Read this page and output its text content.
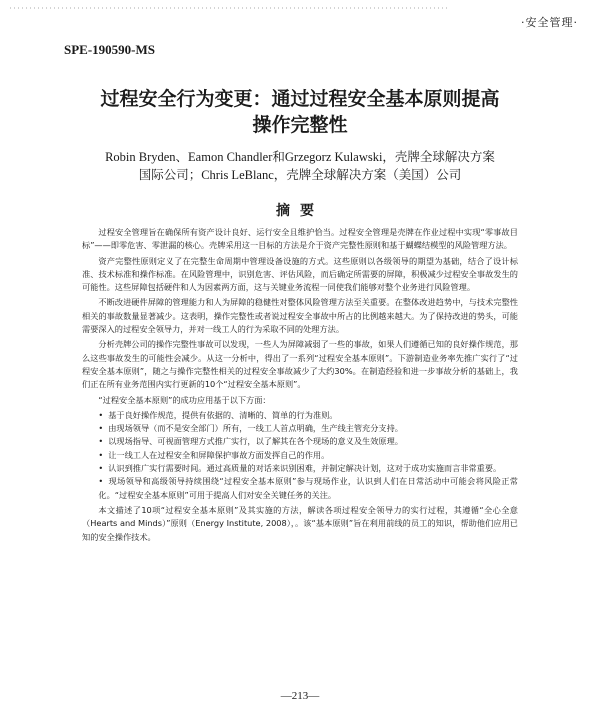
·安全管理·
SPE-190590-MS
过程安全行为变更：通过过程安全基本原则提高
操作完整性
Robin Bryden、Eamon Chandler和Grzegorz Kulawski，壳牌全球解决方案
国际公司；Chris LeBlanc，壳牌全球解决方案（美国）公司
摘要

过程安全管理旨在确保所有资产设计良好、运行安全且维护恰当。过程安全管理是壳牌在作业过程中实现“零事故目标”——即零危害、零泄漏的核心。壳牌采用这一目标的方法是介于资产完整性原则和基于蝴蝶结模型的风险管理方法。

资产完整性原则定义了在完整生命周期中管理设备设施的方式。这些原则以各级领导的期望为基础，结合了设计标准、技术标准和操作标准。在风险管理中，识别危害、评估风险，而后确定所需要的屏障，积极减少过程安全事故发生的可能性。这些屏障包括硬件和人为因素两方面，这与关键业务流程一同使我们能够对整个业务进行风险管理。

不断改进硬件屏障的管理能力和人为屏障的稳健性对整体风险管理方法至关重要。在整体改进趋势中，与技术完整性相关的事故数量显著减少。这表明，操作完整性或者说过程安全事故中所占的比例越来越大。为了保持改进的势头，可能需要深入的过程安全领导力，并对一线工人的行为采取不同的处理方法。

分析壳牌公司的操作完整性事故可以发现，一些人为屏障减弱了一些的事故，如果人们遵循已知的良好操作规范，那么这些事故发生的可能性会减少。从这一分析中，得出了一系列“过程安全基本原则”。下游制造业务率先推广实行了“过程安全基本原则”，随之与操作完整性相关的过程安全事故减少了大约30%。在制造经验和进一步事故分析的基础上，我们正在所有业务范围内实行更新的10个“过程安全基本原则”。

“过程安全基本原则”的成功应用基于以下方面：
• 基于良好操作规范，提供有依据的、清晰的、简单的行为准则。
• 由现场领导（而不是安全部门）所有，一线工人首点明确，生产线主管充分支持。
• 以现场指导、可视面管理方式推广实行，以了解其在各个现场的意义及生效原理。
• 让一线工人在过程安全和屏障保护事故方面发挥自己的作用。
• 认识到推广实行需要时间。通过高质量的对话来识别困难，并制定解决计划，这对于成功实施而言非常重要。
• 现场领导和高级领导持续围绕“过程安全基本原则”参与现场作业，认识到人们在日常活动中可能会将风险正常化。“过程安全基本原则”可用于提高人们对安全关键任务的关注。

本文描述了10项“过程安全基本原则”及其实施的方法，解读各项过程安全领导力的实行过程，其遵循“全心全意（Hearts and Minds）”原则（Energy Institute, 2008），。该“基本原则”旨在利用前线的员工的知识，帮助他们应用已知的安全操作技术。

—213—
